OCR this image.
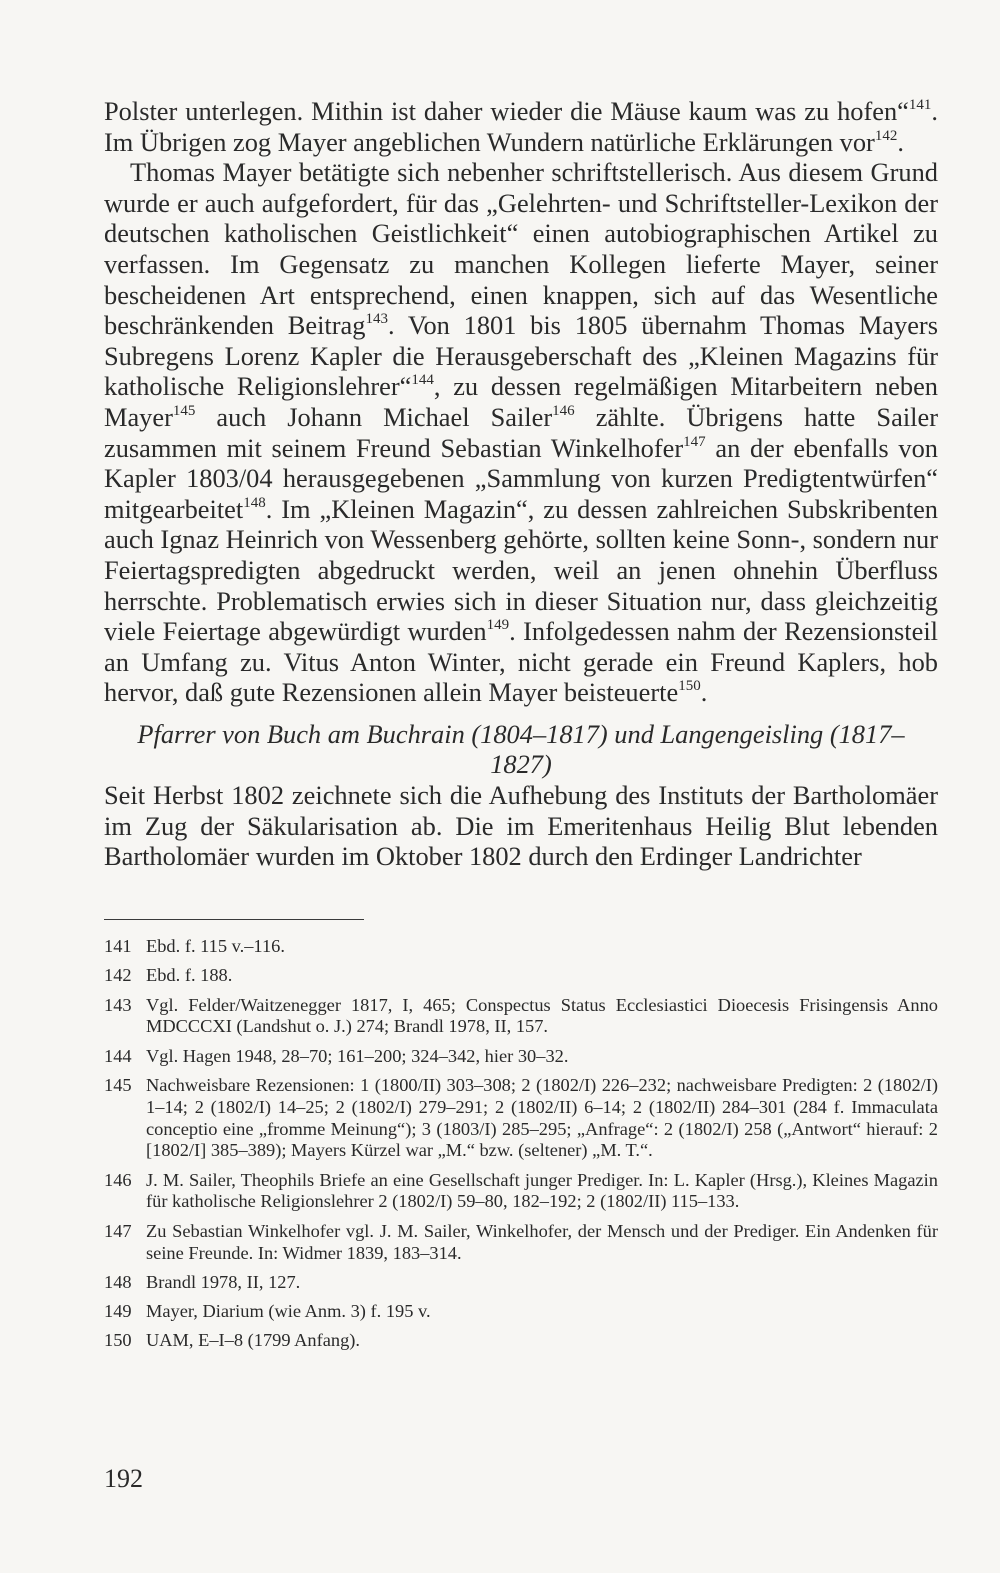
Polster unterlegen. Mithin ist daher wieder die Mäuse kaum was zu hofen“$^{141}$. Im Übrigen zog Mayer angeblichen Wundern natürliche Erklärungen vor$^{142}$.

Thomas Mayer betätigte sich nebenher schriftstellerisch. Aus diesem Grund wurde er auch aufgefordert, für das „Gelehrten- und Schriftsteller-Lexikon der deutschen katholischen Geistlichkeit“ einen autobiographischen Artikel zu verfassen. Im Gegensatz zu manchen Kollegen lieferte Mayer, seiner bescheidenen Art entsprechend, einen knappen, sich auf das Wesentliche beschränkenden Beitrag$^{143}$. Von 1801 bis 1805 übernahm Thomas Mayers Subregens Lorenz Kapler die Herausgeberschaft des „Kleinen Magazins für katholische Religionslehrer“$^{144}$, zu dessen regelmäßigen Mitarbeitern neben Mayer$^{145}$ auch Johann Michael Sailer$^{146}$ zählte. Übrigens hatte Sailer zusammen mit seinem Freund Sebastian Winkelhofer$^{147}$ an der ebenfalls von Kapler 1803/04 herausgegebenen „Sammlung von kurzen Predigtentwürfen“ mitgearbeitet$^{148}$. Im „Kleinen Magazin“, zu dessen zahlreichen Subskribenten auch Ignaz Heinrich von Wessenberg gehörte, sollten keine Sonn-, sondern nur Feiertagspredigten abgedruckt werden, weil an jenen ohnehin Überfluss herrschte. Problematisch erwies sich in dieser Situation nur, dass gleichzeitig viele Feiertage abgewürdigt wurden$^{149}$. Infolgedessen nahm der Rezensionsteil an Umfang zu. Vitus Anton Winter, nicht gerade ein Freund Kaplers, hob hervor, daß gute Rezensionen allein Mayer beisteuerte$^{150}$.

Pfarrer von Buch am Buchrain (1804–1817) und Langengeisling (1817–1827)

Seit Herbst 1802 zeichnete sich die Aufhebung des Instituts der Bartholomäer im Zug der Säkularisation ab. Die im Emeritenhaus Heilig Blut lebenden Bartholomäer wurden im Oktober 1802 durch den Erdinger Landrichter

141 Ebd. f. 115 v.–116.
142 Ebd. f. 188.
143 Vgl. Felder/Waitzenegger 1817, I, 465; Conspectus Status Ecclesiastici Dioecesis Frisingensis Anno MDCCCXI (Landshut o. J.) 274; Brandl 1978, II, 157.
144 Vgl. Hagen 1948, 28–70; 161–200; 324–342, hier 30–32.
145 Nachweisbare Rezensionen: 1 (1800/II) 303–308; 2 (1802/I) 226–232; nachweisbare Predigten: 2 (1802/I) 1–14; 2 (1802/I) 14–25; 2 (1802/I) 279–291; 2 (1802/II) 6–14; 2 (1802/II) 284–301 (284 f. Immaculata conceptio eine „fromme Meinung“); 3 (1803/I) 285–295; „Anfrage“: 2 (1802/I) 258 („Antwort“ hierauf: 2 [1802/I] 385–389); Mayers Kürzel war „M.“ bzw. (seltener) „M. T.“.
146 J. M. Sailer, Theophils Briefe an eine Gesellschaft junger Prediger. In: L. Kapler (Hrsg.), Kleines Magazin für katholische Religionslehrer 2 (1802/I) 59–80, 182–192; 2 (1802/II) 115–133.
147 Zu Sebastian Winkelhofer vgl. J. M. Sailer, Winkelhofer, der Mensch und der Prediger. Ein Andenken für seine Freunde. In: Widmer 1839, 183–314.
148 Brandl 1978, II, 127.
149 Mayer, Diarium (wie Anm. 3) f. 195 v.
150 UAM, E–I–8 (1799 Anfang).
192
